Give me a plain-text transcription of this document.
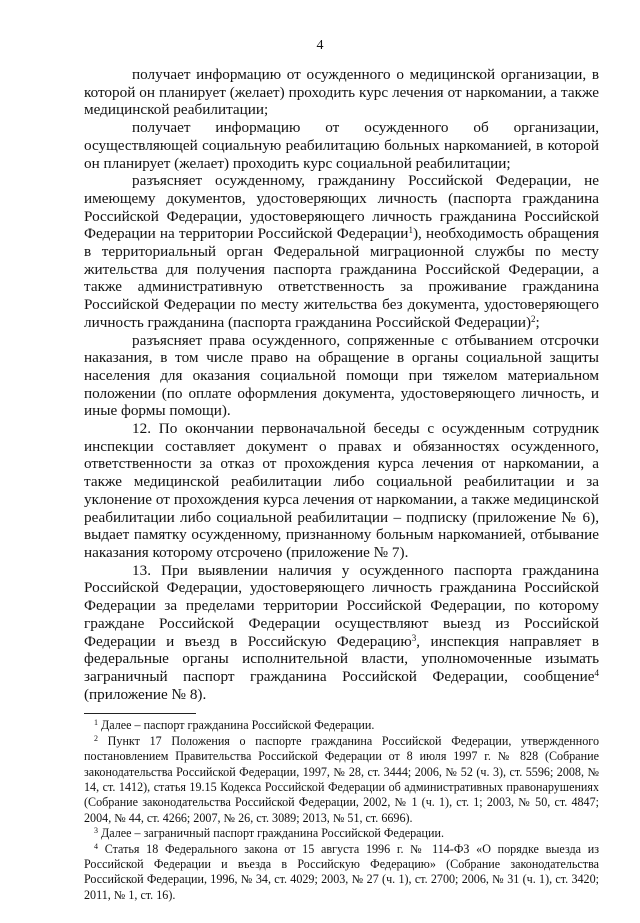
4

получает информацию от осужденного о медицинской организации, в которой он планирует (желает) проходить курс лечения от наркомании, а также медицинской реабилитации;

получает информацию от осужденного об организации, осуществляющей социальную реабилитацию больных наркоманией, в которой он планирует (желает) проходить курс социальной реабилитации;

разъясняет осужденному, гражданину Российской Федерации, не имеющему документов, удостоверяющих личность (паспорта гражданина Российской Федерации, удостоверяющего личность гражданина Российской Федерации на территории Российской Федерации$^1$), необходимость обращения в территориальный орган Федеральной миграционной службы по месту жительства для получения паспорта гражданина Российской Федерации, а также административную ответственность за проживание гражданина Российской Федерации по месту жительства без документа, удостоверяющего личность гражданина (паспорта гражданина Российской Федерации)$^2$;

разъясняет права осужденного, сопряженные с отбыванием отсрочки наказания, в том числе право на обращение в органы социальной защиты населения для оказания социальной помощи при тяжелом материальном положении (по оплате оформления документа, удостоверяющего личность, и иные формы помощи).

12. По окончании первоначальной беседы с осужденным сотрудник инспекции составляет документ о правах и обязанностях осужденного, ответственности за отказ от прохождения курса лечения от наркомании, а также медицинской реабилитации либо социальной реабилитации и за уклонение от прохождения курса лечения от наркомании, а также медицинской реабилитации либо социальной реабилитации – подписку (приложение № 6), выдает памятку осужденному, признанному больным наркоманией, отбывание наказания которому отсрочено (приложение № 7).

13. При выявлении наличия у осужденного паспорта гражданина Российской Федерации, удостоверяющего личность гражданина Российской Федерации за пределами территории Российской Федерации, по которому граждане Российской Федерации осуществляют выезд из Российской Федерации и въезд в Российскую Федерацию$^3$, инспекция направляет в федеральные органы исполнительной власти, уполномоченные изымать заграничный паспорт гражданина Российской Федерации, сообщение$^4$ (приложение № 8).

$^1$ Далее – паспорт гражданина Российской Федерации.

$^2$ Пункт 17 Положения о паспорте гражданина Российской Федерации, утвержденного постановлением Правительства Российской Федерации от 8 июля 1997 г. № 828 (Собрание законодательства Российской Федерации, 1997, № 28, ст. 3444; 2006, № 52 (ч. 3), ст. 5596; 2008, № 14, ст. 1412), статья 19.15 Кодекса Российской Федерации об административных правонарушениях (Собрание законодательства Российской Федерации, 2002, № 1 (ч. 1), ст. 1; 2003, № 50, ст. 4847; 2004, № 44, ст. 4266; 2007, № 26, ст. 3089; 2013, № 51, ст. 6696).

$^3$ Далее – заграничный паспорт гражданина Российской Федерации.

$^4$ Статья 18 Федерального закона от 15 августа 1996 г. № 114-ФЗ «О порядке выезда из Российской Федерации и въезда в Российскую Федерацию» (Собрание законодательства Российской Федерации, 1996, № 34, ст. 4029; 2003, № 27 (ч. 1), ст. 2700; 2006, № 31 (ч. 1), ст. 3420; 2011, № 1, ст. 16).
